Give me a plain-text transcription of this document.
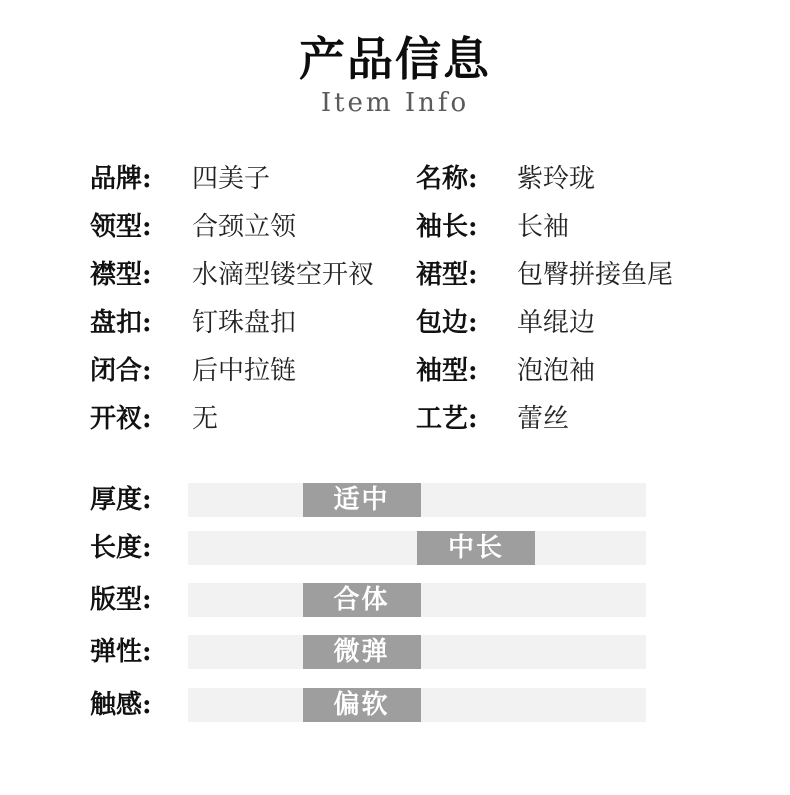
产品信息
Item Info
品牌: 四美子	名称: 紫玲珑
领型: 合颈立领	袖长: 长袖
襟型: 水滴型镂空开衩 裙型: 包臀拼接鱼尾
盘扣: 钉珠盘扣	包边: 单绲边
闭合: 后中拉链	袖型: 泡泡袖
开衩: 无	工艺: 蕾丝
厚度:	适中
长度:	中长
版型:	合体
弹性:	微弹
触感:	偏软
